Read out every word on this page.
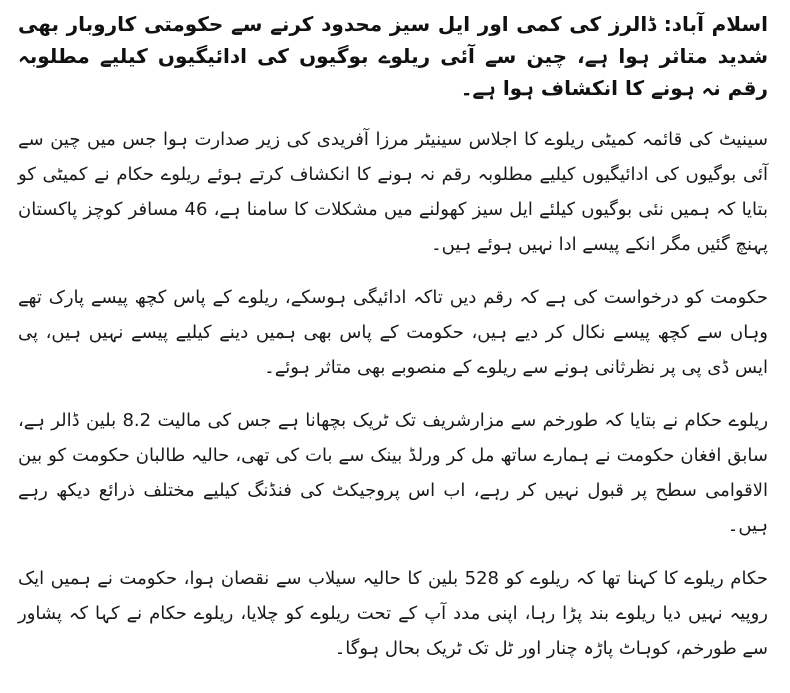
اسلام آباد: ڈالرز کی کمی اور ایل سیز محدود کرنے سے حکومتی کاروبار بھی شدید متاثر ہوا ہے، چین سے آئی ریلوے بوگیوں کی ادائیگیوں کیلیے مطلوبہ رقم نہ ہونے کا انکشاف ہوا ہے۔

سینیٹ کی قائمہ کمیٹی ریلوے کا اجلاس سینیٹر مرزا آفریدی کی زیر صدارت ہوا جس میں چین سے آئی بوگیوں کی ادائیگیوں کیلیے مطلوبہ رقم نہ ہونے کا انکشاف کرتے ہوئے ریلوے حکام نے کمیٹی کو بتایا کہ ہمیں نئی بوگیوں کیلئے ایل سیز کھولنے میں مشکلات کا سامنا ہے، 46 مسافر کوچز پاکستان پہنچ گئیں مگر انکے پیسے ادا نہیں ہوئے ہیں۔

حکومت کو درخواست کی ہے کہ رقم دیں تاکہ ادائیگی ہوسکے، ریلوے کے پاس کچھ پیسے پارک تھے وہاں سے کچھ پیسے نکال کر دیے ہیں، حکومت کے پاس بھی ہمیں دینے کیلیے پیسے نہیں ہیں، پی ایس ڈی پی پر نظرثانی ہونے سے ریلوے کے منصوبے بھی متاثر ہوئے۔

ریلوے حکام نے بتایا کہ طورخم سے مزارشریف تک ٹریک بچھانا ہے جس کی مالیت 8.2 بلین ڈالر ہے، سابق افغان حکومت نے ہمارے ساتھ مل کر ورلڈ بینک سے بات کی تھی، حالیہ طالبان حکومت کو بین الاقوامی سطح پر قبول نہیں کر رہے، اب اس پروجیکٹ کی فنڈنگ کیلیے مختلف ذرائع دیکھ رہے ہیں۔

حکام ریلوے کا کہنا تھا کہ ریلوے کو 528 بلین کا حالیہ سیلاب سے نقصان ہوا، حکومت نے ہمیں ایک روپیہ نہیں دیا ریلوے بند پڑا رہا، اپنی مدد آپ کے تحت ریلوے کو چلایا، ریلوے حکام نے کہا کہ پشاور سے طورخم، کوہاٹ پاڑہ چنار اور ٹل تک ٹریک بحال ہوگا۔
